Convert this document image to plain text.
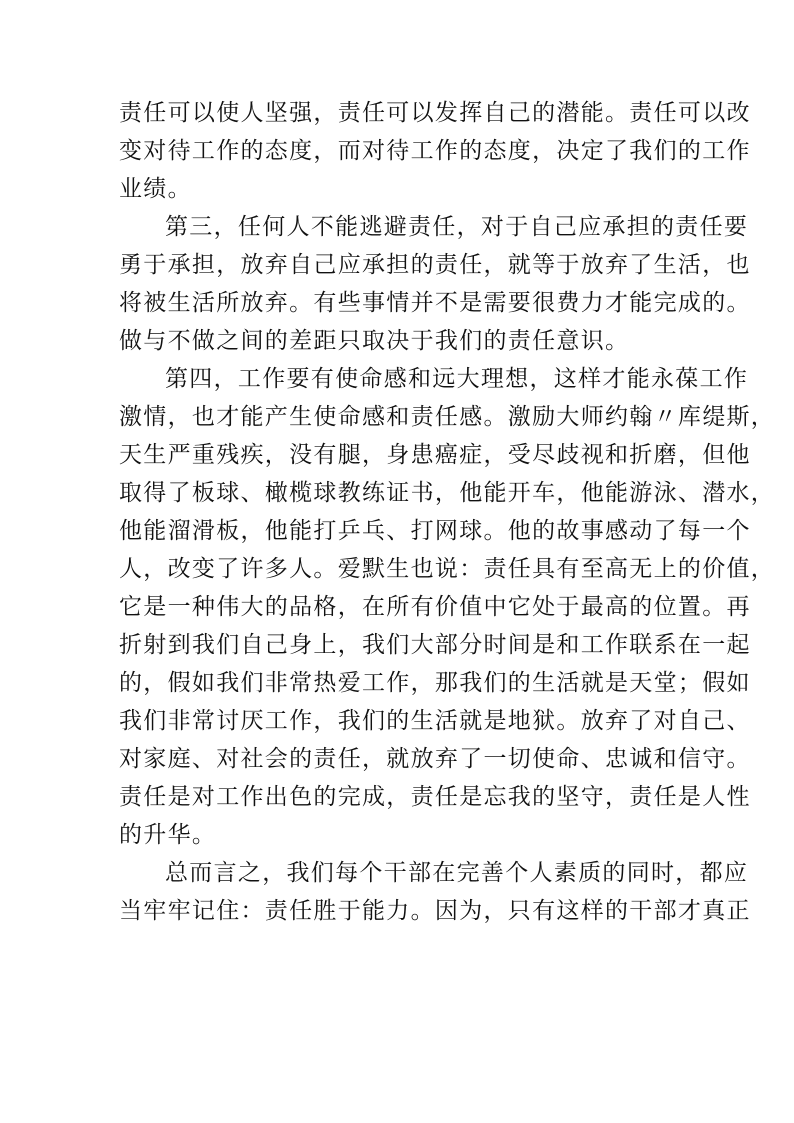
责任可以使人坚强，责任可以发挥自己的潜能。责任可以改
变对待工作的态度，而对待工作的态度，决定了我们的工作
业绩。
第三，任何人不能逃避责任，对于自己应承担的责任要
勇于承担，放弃自己应承担的责任，就等于放弃了生活，也
将被生活所放弃。有些事情并不是需要很费力才能完成的。
做与不做之间的差距只取决于我们的责任意识。
第四，工作要有使命感和远大理想，这样才能永葆工作
激情，也才能产生使命感和责任感。激励大师约翰〃库缇斯，
天生严重残疾，没有腿，身患癌症，受尽歧视和折磨，但他
取得了板球、橄榄球教练证书，他能开车，他能游泳、潜水，
他能溜滑板，他能打乒乓、打网球。他的故事感动了每一个
人，改变了许多人。爱默生也说：责任具有至高无上的价值，
它是一种伟大的品格，在所有价值中它处于最高的位置。再
折射到我们自己身上，我们大部分时间是和工作联系在一起
的，假如我们非常热爱工作，那我们的生活就是天堂；假如
我们非常讨厌工作，我们的生活就是地狱。放弃了对自己、
对家庭、对社会的责任，就放弃了一切使命、忠诚和信守。
责任是对工作出色的完成，责任是忘我的坚守，责任是人性
的升华。
总而言之，我们每个干部在完善个人素质的同时，都应
当牢牢记住：责任胜于能力。因为，只有这样的干部才真正
